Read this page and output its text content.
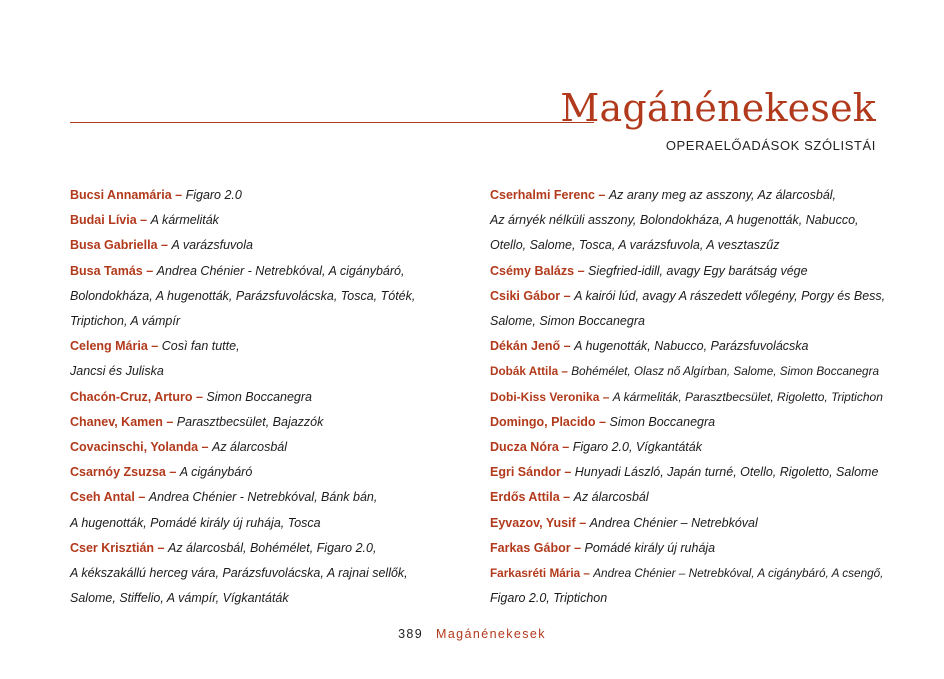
Magánénekesek
OPERAELŐADÁSOK SZÓLISTÁI
Bucsi Annamária – Figaro 2.0
Budai Lívia – A kármeliták
Busa Gabriella – A varázsfuvola
Busa Tamás – Andrea Chénier - Netrebkóval, A cigánybáró,
Bolondokháza, A hugenották, Parázsfuvolácska, Tosca, Tóték,
Triptichon, A vámpír
Celeng Mária – Così fan tutte,
Jancsi és Juliska
Chacón-Cruz, Arturo – Simon Boccanegra
Chanev, Kamen – Parasztbecsület, Bajazzók
Covacinschi, Yolanda – Az álarcosbál
Csarnóy Zsuzsa – A cigánybáró
Cseh Antal – Andrea Chénier - Netrebkóval, Bánk bán,
A hugenották, Pomádé király új ruhája, Tosca
Cser Krisztián – Az álarcosbál, Bohémélet, Figaro 2.0,
A kékszakállú herceg vára, Parázsfuvolácska, A rajnai sellők,
Salome, Stiffelio, A vámpír, Vígkantáták
Cserhalmi Ferenc – Az arany meg az asszony, Az álarcosbál,
Az árnyék nélküli asszony, Bolondokháza, A hugenották, Nabucco,
Otello, Salome, Tosca, A varázsfuvola, A vesztaszűz
Csémy Balázs – Siegfried-idill, avagy Egy barátság vége
Csiki Gábor – A kairói lúd, avagy A rászedett vőlegény, Porgy és Bess,
Salome, Simon Boccanegra
Dékán Jenő – A hugenották, Nabucco, Parázsfuvolácska
Dobák Attila – Bohémélet, Olasz nő Algírban, Salome, Simon Boccanegra
Dobi-Kiss Veronika – A kármeliták, Parasztbecsület, Rigoletto, Triptichon
Domingo, Placido – Simon Boccanegra
Ducza Nóra – Figaro 2.0, Vígkantáták
Egri Sándor – Hunyadi László, Japán turné, Otello, Rigoletto, Salome
Erdős Attila – Az álarcosbál
Eyvazov, Yusif – Andrea Chénier – Netrebkóval
Farkas Gábor – Pomádé király új ruhája
Farkasréti Mária – Andrea Chénier – Netrebkóval, A cigánybáró, A csengő,
Figaro 2.0, Triptichon
389 Magánénekesek
